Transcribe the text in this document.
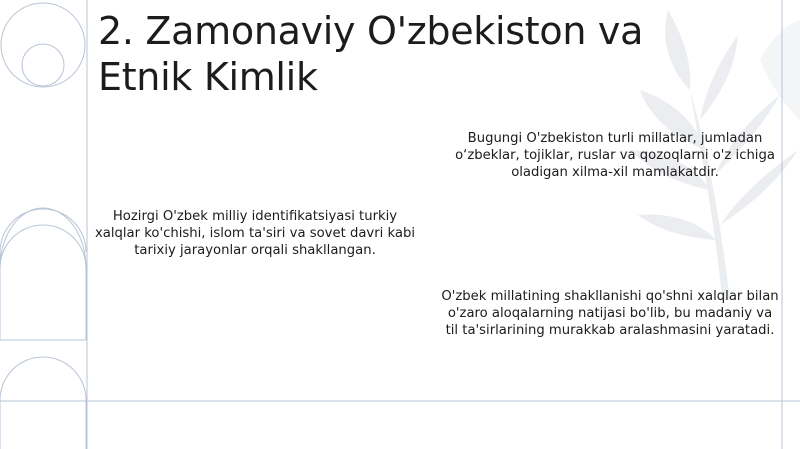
2. Zamonaviy O'zbekiston va Etnik Kimlik

Bugungi O'zbekiston turli millatlar, jumladan o‘zbeklar, tojiklar, ruslar va qozoqlarni o'z ichiga oladigan xilma-xil mamlakatdir.

Hozirgi O'zbek milliy identifikatsiyasi turkiy xalqlar ko'chishi, islom ta'siri va sovet davri kabi tarixiy jarayonlar orqali shakllangan.

O'zbek millatining shakllanishi qo'shni xalqlar bilan o'zaro aloqalarning natijasi bo'lib, bu madaniy va til ta'sirlarining murakkab aralashmasini yaratadi.
